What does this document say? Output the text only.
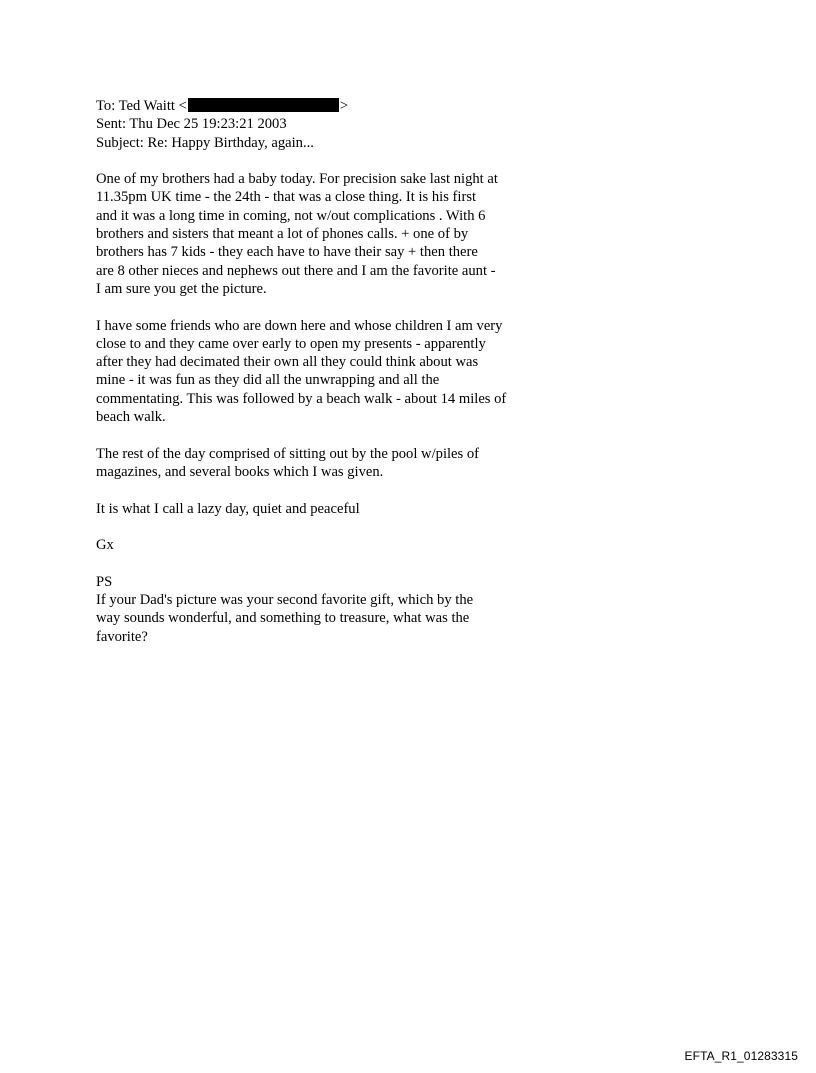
To: Ted Waitt <	>
Sent: Thu Dec 25 19:23:21 2003
Subject: Re: Happy Birthday, again...
One of my brothers had a baby today. For precision sake last night at
11.35pm UK time - the 24th - that was a close thing. It is his first
and it was a long time in coming, not w/out complications . With 6
brothers and sisters that meant a lot of phones calls. + one of by
brothers has 7 kids - they each have to have their say + then there
are 8 other nieces and nephews out there and I am the favorite aunt -
I am sure you get the picture.
I have some friends who are down here and whose children I am very
close to and they came over early to open my presents - apparently
after they had decimated their own all they could think about was
mine - it was fun as they did all the unwrapping and all the
commentating. This was followed by a beach walk - about 14 miles of
beach walk.
The rest of the day comprised of sitting out by the pool w/piles of
magazines, and several books which I was given.
It is what I call a lazy day, quiet and peaceful
Gx
PS
If your Dad's picture was your second favorite gift, which by the
way sounds wonderful, and something to treasure, what was the
favorite?
EFTA_R1_01283315
